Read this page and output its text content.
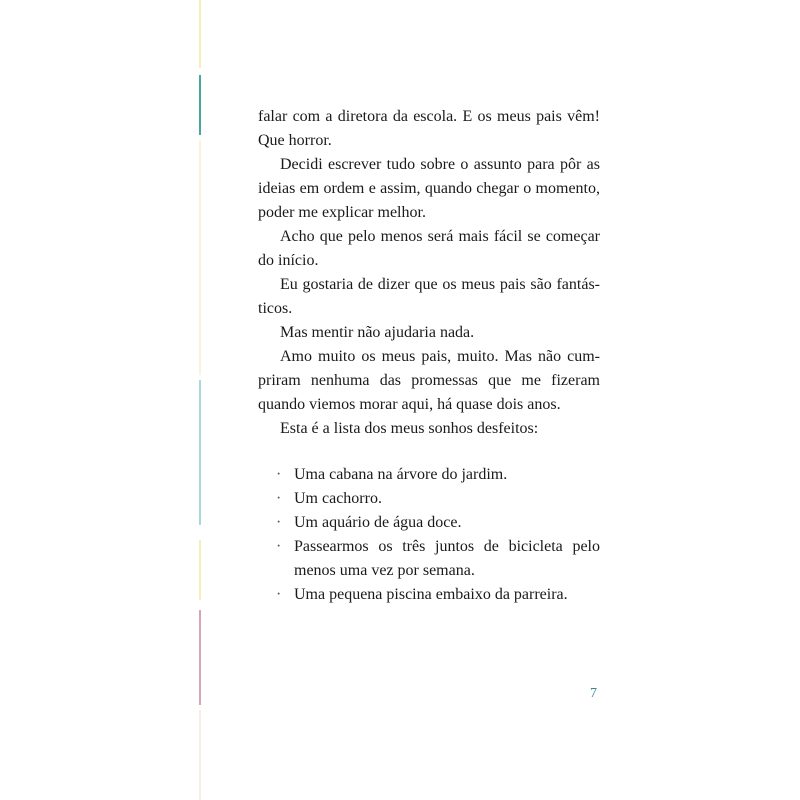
falar com a diretora da escola. E os meus pais vêm! Que horror.

Decidi escrever tudo sobre o assunto para pôr as ideias em ordem e assim, quando chegar o momento, poder me explicar melhor.

Acho que pelo menos será mais fácil se começar do início.

Eu gostaria de dizer que os meus pais são fantásticos.

Mas mentir não ajudaria nada.

Amo muito os meus pais, muito. Mas não cumpriram nenhuma das promessas que me fizeram quando viemos morar aqui, há quase dois anos.

Esta é a lista dos meus sonhos desfeitos:

· Uma cabana na árvore do jardim.
· Um cachorro.
· Um aquário de água doce.
· Passearmos os três juntos de bicicleta pelo menos uma vez por semana.
· Uma pequena piscina embaixo da parreira.
7
